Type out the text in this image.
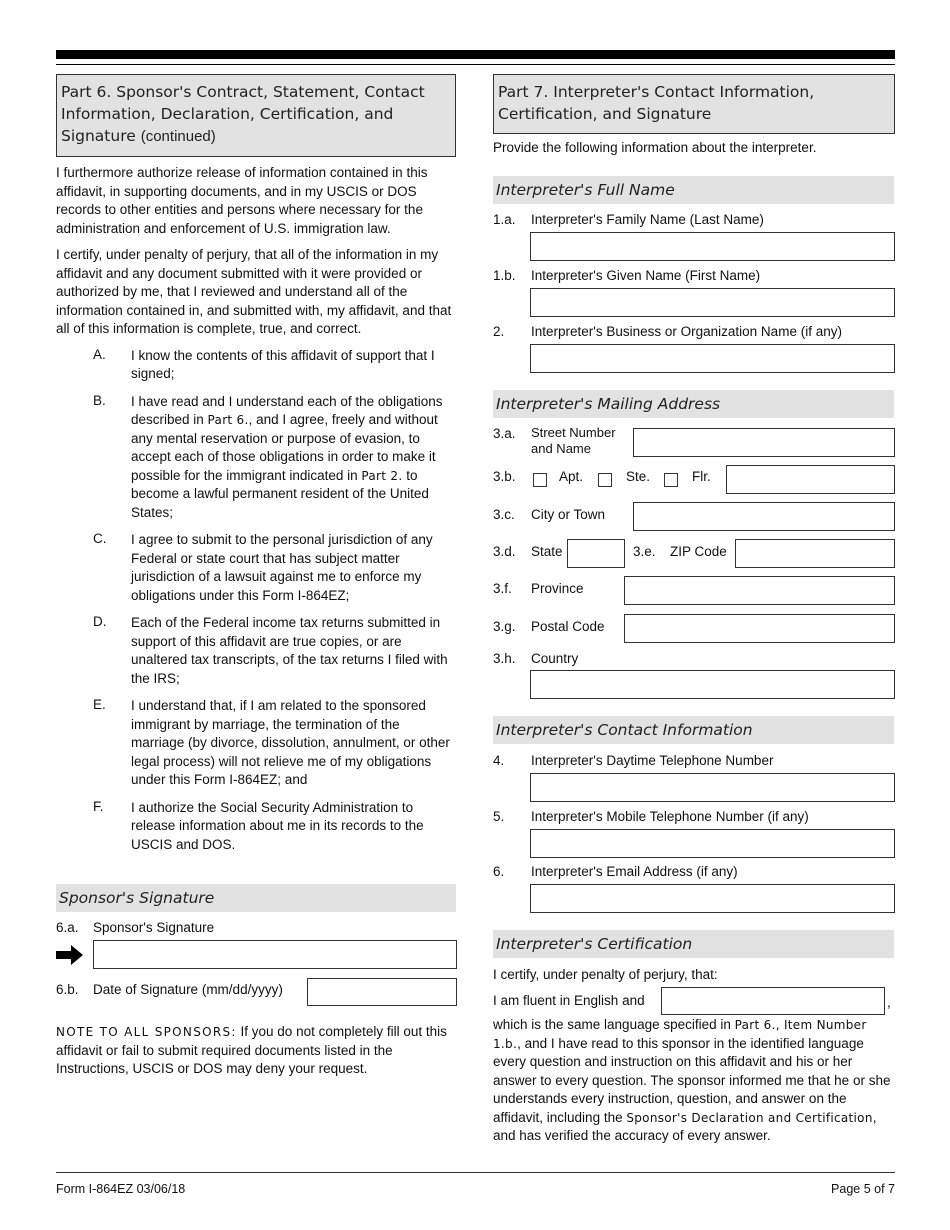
Part 6. Sponsor's Contract, Statement, Contact Information, Declaration, Certification, and Signature (continued)

I furthermore authorize release of information contained in this affidavit, in supporting documents, and in my USCIS or DOS records to other entities and persons where necessary for the administration and enforcement of U.S. immigration law.

I certify, under penalty of perjury, that all of the information in my affidavit and any document submitted with it were provided or authorized by me, that I reviewed and understand all of the information contained in, and submitted with, my affidavit, and that all of this information is complete, true, and correct.

A.	I know the contents of this affidavit of support that I signed;
B.	I have read and I understand each of the obligations described in Part 6., and I agree, freely and without any mental reservation or purpose of evasion, to accept each of those obligations in order to make it possible for the immigrant indicated in Part 2. to become a lawful permanent resident of the United States;
C.	I agree to submit to the personal jurisdiction of any Federal or state court that has subject matter jurisdiction of a lawsuit against me to enforce my obligations under this Form I-864EZ;
D.	Each of the Federal income tax returns submitted in support of this affidavit are true copies, or are unaltered tax transcripts, of the tax returns I filed with the IRS;
E.	I understand that, if I am related to the sponsored immigrant by marriage, the termination of the marriage (by divorce, dissolution, annulment, or other legal process) will not relieve me of my obligations under this Form I-864EZ; and
F.	I authorize the Social Security Administration to release information about me in its records to the USCIS and DOS.
Sponsor's Signature
6.a. Sponsor's Signature
6.b. Date of Signature (mm/dd/yyyy)

NOTE TO ALL SPONSORS: If you do not completely fill out this affidavit or fail to submit required documents listed in the Instructions, USCIS or DOS may deny your request.

Part 7. Interpreter's Contact Information, Certification, and Signature

Provide the following information about the interpreter.

Interpreter's Full Name
1.a. Interpreter's Family Name (Last Name)
1.b. Interpreter's Given Name (First Name)
2. Interpreter's Business or Organization Name (if any)
Interpreter's Mailing Address
3.a. Street Number
and Name
3.b.	Apt.	Ste.	Flr.
3.c. City or Town
3.d. State	3.e. ZIP Code
3.f. Province
3.g. Postal Code
3.h. Country
Interpreter's Contact Information
4. Interpreter's Daytime Telephone Number
5. Interpreter's Mobile Telephone Number (if any)
6. Interpreter's Email Address (if any)
Interpreter's Certification

I certify, under penalty of perjury, that:

I am fluent in English and	,

which is the same language specified in Part 6., Item Number 1.b., and I have read to this sponsor in the identified language every question and instruction on this affidavit and his or her answer to every question. The sponsor informed me that he or she understands every instruction, question, and answer on the affidavit, including the Sponsor's Declaration and Certification, and has verified the accuracy of every answer.

Form I-864EZ 03/06/18	Page 5 of 7
